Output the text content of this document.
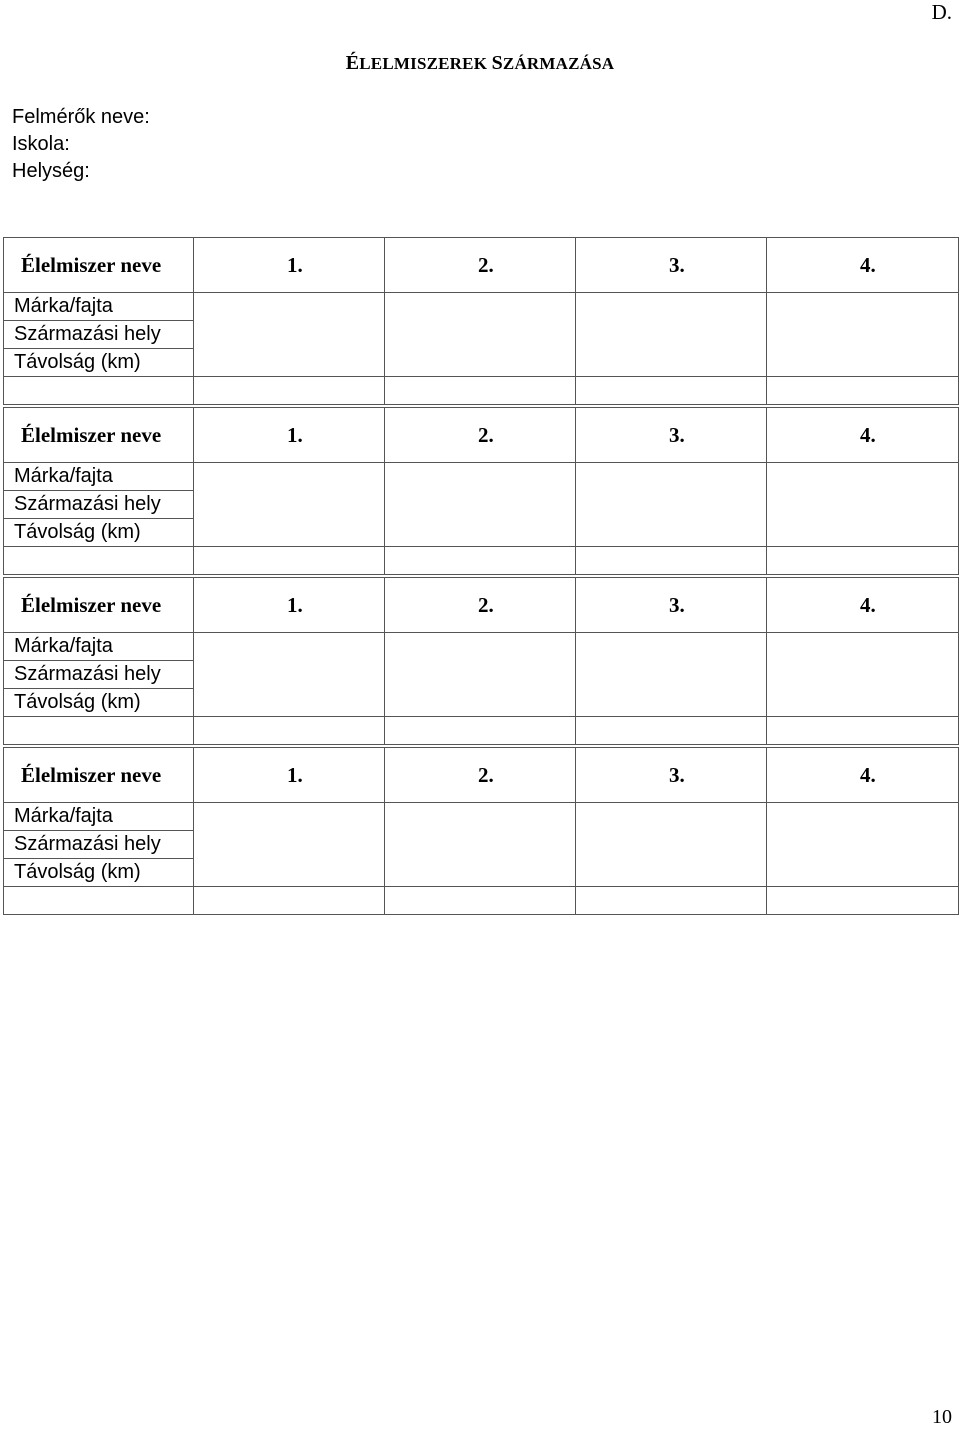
D.
ÉLELMISZEREK SZÁRMAZÁSA
Felmérők neve:
Iskola:
Helység:
Élelmiszer neve	1.	2.	3.	4.
Márka/fajta				
Származási hely				
Távolság (km)				

Élelmiszer neve	1.	2.	3.	4.
Márka/fajta				
Származási hely				
Távolság (km)				

Élelmiszer neve	1.	2.	3.	4.
Márka/fajta				
Származási hely				
Távolság (km)				

Élelmiszer neve	1.	2.	3.	4.
Márka/fajta				
Származási hely				
Távolság (km)				

10
